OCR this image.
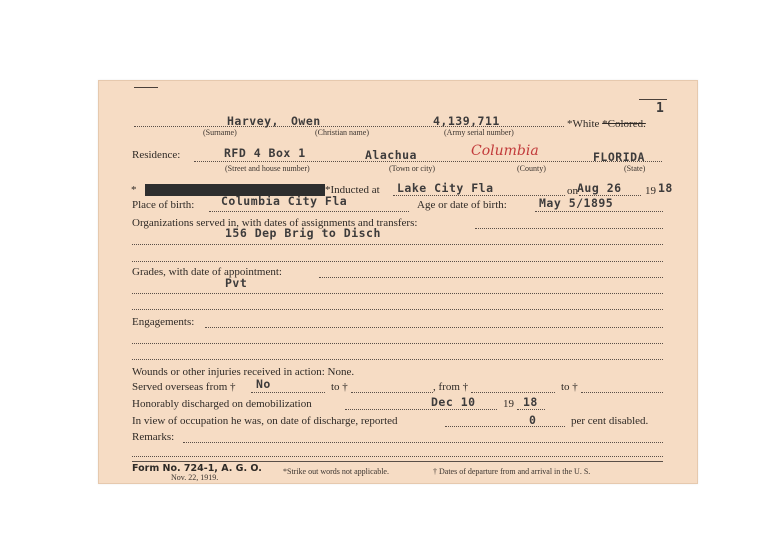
1
Harvey, Owen	4,139,711	*White *Colored.
(Surname)	(Christian name)	(Army serial number)
Residence:	RFD 4 Box 1	Alachua	Columbia	FLORIDA
(Street and house number)	(Town or city)	(County)	(State)
*	*Inducted at Lake City Fla	on Aug 26 19 18
Place of birth: Columbia City Fla	Age or date of birth:	May 5/1895
Organizations served in, with dates of assignments and transfers:
156 Dep Brig to Disch
Grades, with date of appointment:
Pvt
Engagements:
Wounds or other injuries received in action: None.
Served overseas from † No	to †	, from †	to †
Honorably discharged on demobilization	Dec 10 19 18
In view of occupation he was, on date of discharge, reported	0	per cent disabled.
Remarks:
Form No. 724-1, A. G. O.
Nov. 22, 1919.
*Strike out words not applicable.	† Dates of departure from and arrival in the U. S.
